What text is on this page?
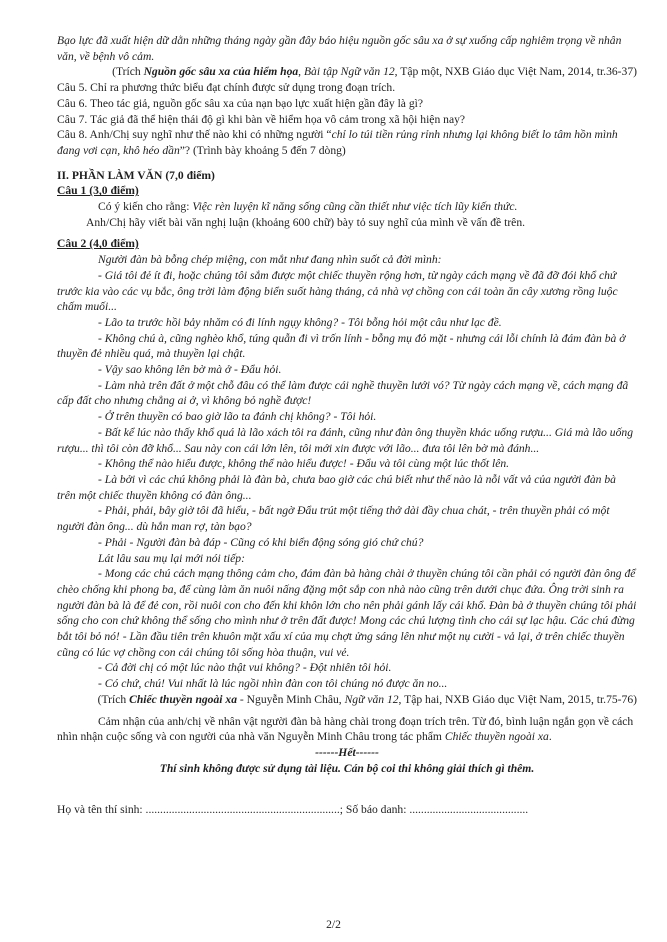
Bạo lực đã xuất hiện dữ dằn những tháng ngày gần đây báo hiệu nguồn gốc sâu xa ở sự xuống cấp nghiêm trọng về nhân văn, về bệnh vô cảm.

(Trích Nguồn gốc sâu xa của hiểm họa, Bài tập Ngữ văn 12, Tập một, NXB Giáo dục Việt Nam, 2014, tr.36-37)

Câu 5. Chỉ ra phương thức biểu đạt chính được sử dụng trong đoạn trích.

Câu 6. Theo tác giả, nguồn gốc sâu xa của nạn bạo lực xuất hiện gần đây là gì?

Câu 7. Tác giả đã thể hiện thái độ gì khi bàn về hiểm họa vô cảm trong xã hội hiện nay?

Câu 8. Anh/Chị suy nghĩ như thế nào khi có những người “chỉ lo túi tiền rủng rỉnh nhưng lại không biết lo tâm hồn mình đang vơi cạn, khô héo dần”? (Trình bày khoảng 5 đến 7 dòng)

II. PHẦN LÀM VĂN (7,0 điểm)

Câu 1 (3,0 điểm)

Có ý kiến cho rằng: Việc rèn luyện kĩ năng sống cũng cần thiết như việc tích lũy kiến thức.

Anh/Chị hãy viết bài văn nghị luận (khoảng 600 chữ) bày tỏ suy nghĩ của mình về vấn đề trên.

Câu 2 (4,0 điểm)

Người đàn bà bỗng chép miệng, con mắt như đang nhìn suốt cả đời mình:

- Giá tôi đẻ ít đi, hoặc chúng tôi sắm được một chiếc thuyền rộng hơn, từ ngày cách mạng về đã đỡ đói khổ chứ trước kia vào các vụ bắc, ông trời làm động biển suốt hàng tháng, cả nhà vợ chồng con cái toàn ăn cây xương rồng luộc chấm muối...

- Lão ta trước hồi bảy nhăm có đi lính ngụy không? - Tôi bỗng hỏi một câu như lạc đề.

- Không chú à, cũng nghèo khổ, túng quẫn đi vì trốn lính - bỗng mụ đỏ mặt - nhưng cái lỗi chính là đám đàn bà ở thuyền đẻ nhiều quá, mà thuyền lại chật.

- Vậy sao không lên bờ mà ở - Đẩu hỏi.

- Làm nhà trên đất ở một chỗ đâu có thể làm được cái nghề thuyền lưới vó? Từ ngày cách mạng về, cách mạng đã cấp đất cho nhưng chẳng ai ở, vì không bỏ nghề được!

- Ở trên thuyền có bao giờ lão ta đánh chị không? - Tôi hỏi.

- Bất kể lúc nào thấy khổ quá là lão xách tôi ra đánh, cũng như đàn ông thuyền khác uống rượu... Giá mà lão uống rượu... thì tôi còn đỡ khổ... Sau này con cái lớn lên, tôi mới xin được với lão... đưa tôi lên bờ mà đánh...

- Không thể nào hiểu được, không thể nào hiểu được! - Đẩu và tôi cùng một lúc thốt lên.

- Là bởi vì các chú không phải là đàn bà, chưa bao giờ các chú biết như thế nào là nỗi vất vả của người đàn bà trên một chiếc thuyền không có đàn ông...

- Phải, phải, bây giờ tôi đã hiểu, - bất ngờ Đẩu trút một tiếng thở dài đầy chua chát, - trên thuyền phải có một người đàn ông... dù hắn man rợ, tàn bạo?

- Phải - Người đàn bà đáp - Cũng có khi biển động sóng gió chứ chú?

Lát lâu sau mụ lại mới nói tiếp:

- Mong các chú cách mạng thông cảm cho, đám đàn bà hàng chài ở thuyền chúng tôi cần phải có người đàn ông để chèo chống khi phong ba, để cùng làm ăn nuôi nấng đặng một sắp con nhà nào cũng trên dưới chục đứa. Ông trời sinh ra người đàn bà là để đẻ con, rồi nuôi con cho đến khi khôn lớn cho nên phải gánh lấy cái khổ. Đàn bà ở thuyền chúng tôi phải sống cho con chứ không thể sống cho mình như ở trên đất được! Mong các chú lượng tình cho cái sự lạc hậu. Các chú đừng bắt tôi bỏ nó! - Lần đầu tiên trên khuôn mặt xấu xí của mụ chợt ửng sáng lên như một nụ cười - vả lại, ở trên chiếc thuyền cũng có lúc vợ chồng con cái chúng tôi sống hòa thuận, vui vẻ.

- Cả đời chị có một lúc nào thật vui không? - Đột nhiên tôi hỏi.

- Có chứ, chú! Vui nhất là lúc ngồi nhìn đàn con tôi chúng nó được ăn no...

(Trích Chiếc thuyền ngoài xa - Nguyễn Minh Châu, Ngữ văn 12, Tập hai, NXB Giáo dục Việt Nam, 2015, tr.75-76)

Cảm nhận của anh/chị về nhân vật người đàn bà hàng chài trong đoạn trích trên. Từ đó, bình luận ngắn gọn về cách nhìn nhận cuộc sống và con người của nhà văn Nguyễn Minh Châu trong tác phẩm Chiếc thuyền ngoài xa.

------Hết------

Thí sinh không được sử dụng tài liệu. Cán bộ coi thi không giải thích gì thêm.

Họ và tên thí sinh: ................................................................... ; Số báo danh: .........................................
2/2
